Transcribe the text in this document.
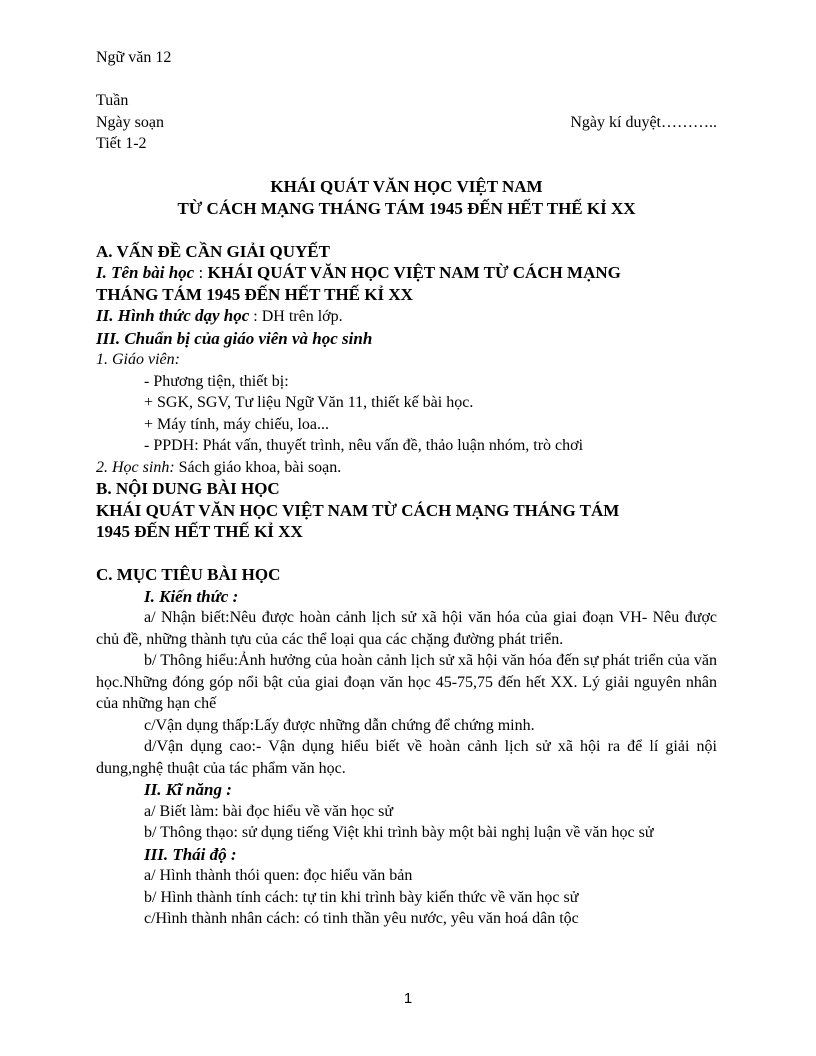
Ngữ văn 12
Tuần
Ngày soạn	Ngày kí duyệt………..
Tiết 1-2
KHÁI QUÁT VĂN HỌC VIỆT NAM
TỪ CÁCH MẠNG THÁNG TÁM 1945 ĐẾN HẾT THẾ KỈ XX
A. VẤN ĐỀ CẦN GIẢI QUYẾT
I. Tên bài học : KHÁI QUÁT VĂN HỌC VIỆT NAM TỪ CÁCH MẠNG
THÁNG TÁM 1945 ĐẾN HẾT THẾ KỈ XX
II. Hình thức dạy học : DH trên lớp.
III. Chuẩn bị của giáo viên và học sinh
1. Giáo viên:
- Phương tiện, thiết bị:
+ SGK, SGV, Tư liệu Ngữ Văn 11, thiết kế bài học.
+ Máy tính, máy chiếu, loa...
- PPDH: Phát vấn, thuyết trình, nêu vấn đề, thảo luận nhóm, trò chơi
2. Học sinh: Sách giáo khoa, bài soạn.
B. NỘI DUNG BÀI HỌC
KHÁI QUÁT VĂN HỌC VIỆT NAM TỪ CÁCH MẠNG THÁNG TÁM
1945 ĐẾN HẾT THẾ KỈ XX
C. MỤC TIÊU BÀI HỌC
I. Kiến thức :
a/ Nhận biết:Nêu được hoàn cảnh lịch sử xã hội văn hóa của giai đoạn VH- Nêu được chủ đề, những thành tựu của các thể loại qua các chặng đường phát triển.
b/ Thông hiểu:Ảnh hưởng của hoàn cảnh lịch sử xã hội văn hóa đến sự phát triển của văn học.Những đóng góp nổi bật của giai đoạn văn học 45-75,75 đến hết XX. Lý giải nguyên nhân của những hạn chế
c/Vận dụng thấp:Lấy được những dẫn chứng để chứng minh.
d/Vận dụng cao:- Vận dụng hiểu biết về hoàn cảnh lịch sử xã hội ra để lí giải nội dung,nghệ thuật của tác phẩm văn học.
II. Kĩ năng :
a/ Biết làm: bài đọc hiểu về văn học sử
b/ Thông thạo: sử dụng tiếng Việt khi trình bày một bài nghị luận về văn học sử
III. Thái độ :
a/ Hình thành thói quen: đọc hiểu văn bản
b/ Hình thành tính cách: tự tin khi trình bày kiến thức về văn học sử
c/Hình thành nhân cách: có tinh thần yêu nước, yêu văn hoá dân tộc
1
